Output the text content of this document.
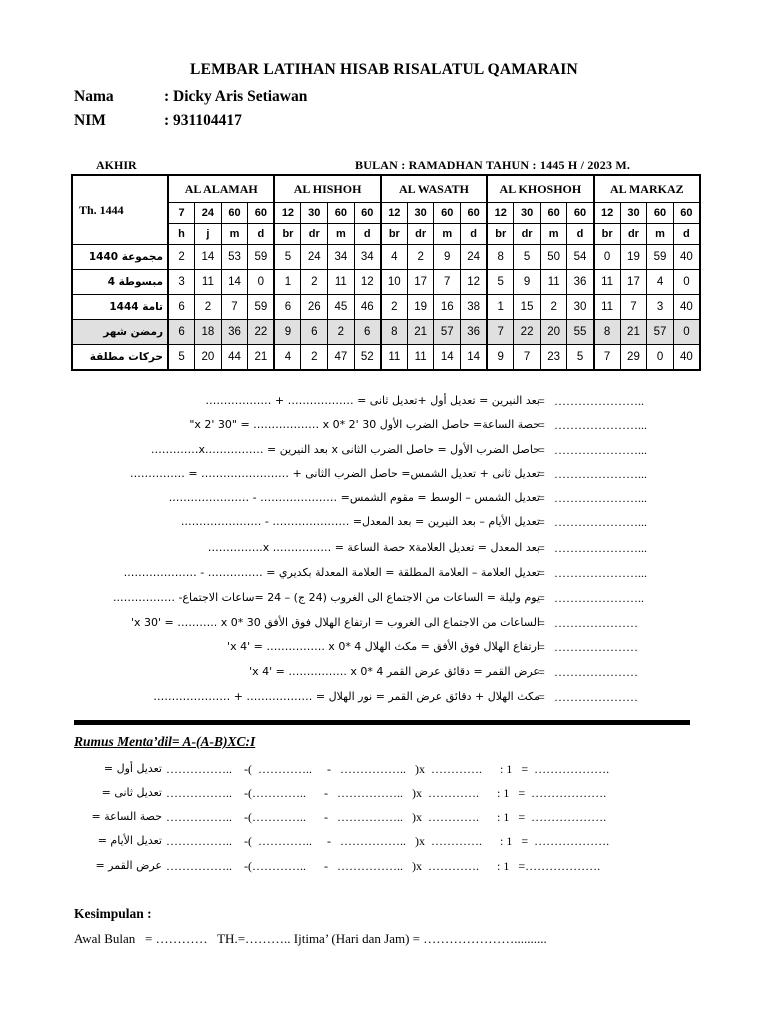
LEMBAR LATIHAN HISAB RISALATUL QAMARAIN
Nama	: Dicky Aris Setiawan
NIM	: 931104417
AKHIR	BULAN : RAMADHAN TAHUN : 1445 H / 2023 M.
Th. 1444	AL ALAMAH				AL HISHOH				AL WASATH				AL KHOSHOH				AL MARKAZ			
	7	24	60	60	12	30	60	60	12	30	60	60	12	30	60	60	12	30	60	60
	h	j	m	d	br	dr	m	d	br	dr	m	d	br	dr	m	d	br	dr	m	d
مجموعة 1440	2	14	53	59	5	24	34	34	4	2	9	24	8	5	50	54	0	19	59	40
مبسوطة 4	3	11	14	0	1	2	11	12	10	17	7	12	5	9	11	36	11	17	4	0
تامة 1444	6	2	7	59	6	26	45	46	2	19	16	38	1	15	2	30	11	7	3	40
رمضن شهر	6	18	36	22	9	6	2	6	8	21	57	36	7	22	20	55	8	21	57	0
حركات مطلقة	5	20	44	21	4	2	47	52	11	11	14	14	9	7	23	5	7	29	0	40
بعد النيرين = تعديل أول +تعديل ثانى = ……………… + ………………
= …………………..
حصة الساعة= حاصل الضرب الأول x 2' 30" = ……………… x 0* 2' 30"
= …………………...
حاصل الضرب الأول = حاصل الضرب الثانى x بعد النيرين = …………….x………….
= …………………...
تعديل ثانى + تعديل الشمس= حاصل الضرب الثانى + …………………… = ……………
= …………………...
تعديل الشمس – الوسط = مقوم الشمس= ………………… - ………………….
= …………………...
تعديل الأيام – بعد النيرين = بعد المعدل= ………………… - ………………….
= …………………...
بعد المعدل = تعديل العلامةx حصة الساعة = ……………. x……………
= …………………...
تعديل العلامة – العلامة المطلقة = العلامة المعدلة بكديري = …………… - ………………..
= …………………...
يوم وليلة = الساعات من الاجتماع الى الغروب (24 ج) – 24 =ساعات الاجتماع- ……………..
= …………………..
الساعات من الاجتماع الى الغروب = ارتفاع الهلال فوق الأفق x 30' = ……….. x 0* 30'
= …………………
ارتفاع الهلال فوق الأفق = مكث الهلال x 4' = ……………. x 0* 4'
= …………………
عرض القمر = دقائق عرض القمر x 4' = ……………. x 0* 4'
= …………………
مكث الهلال + دقائق عرض القمر = نور الهلال = ……………… + …………………
= …………………
Rumus Menta’dil= A-(A-B)XC:I
تعديل أول = ……………..    -(  …………..     -   ……………..   )x  ………….      : 1   =  ……………….
تعديل ثانى = ……………..    -(…………..      -   ……………..   )x  ………….      : 1   =  ……………….
حصة الساعة = ……………..    -(…………..      -   ……………..   )x  ………….      : 1   =  ……………….
تعديل الأيام = ……………..    -(  …………..     -   ……………..   )x  ………….      : 1   =  ……………….
عرض القمر = ……………..    -(…………..      -   ……………..   )x  ………….      : 1   =……………….
Kesimpulan :
Awal Bulan   = …………   TH.=……….. Ijtima’ (Hari dan Jam) = …………………..........
